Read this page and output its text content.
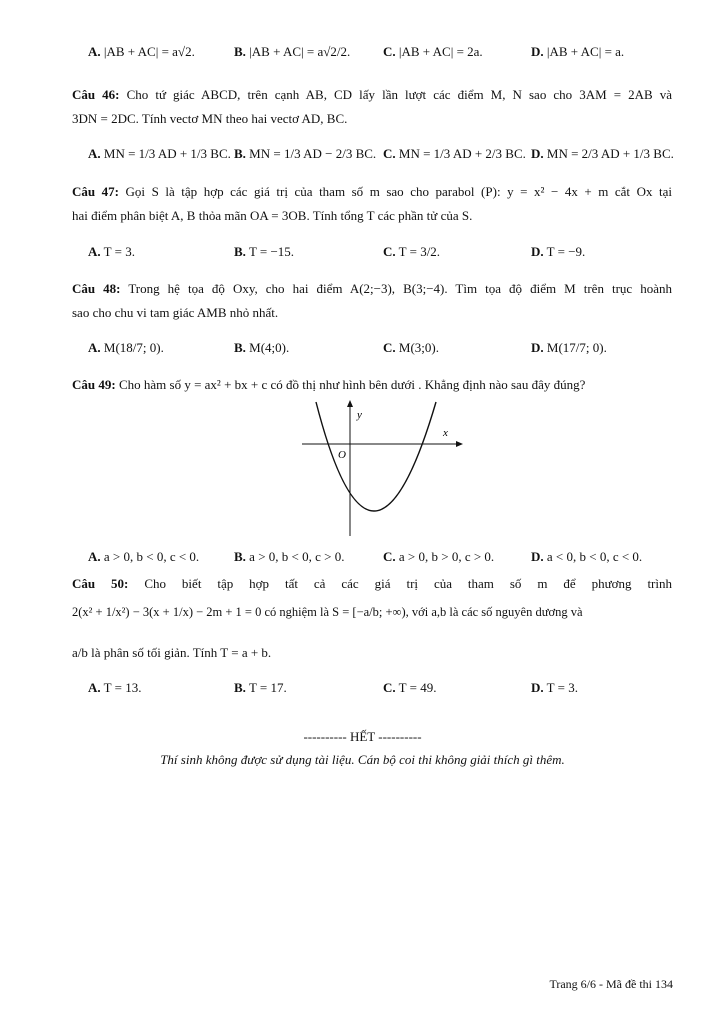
A. |AB + AC| = a√2.	B. |AB + AC| = a√2/2.	C. |AB + AC| = 2a.	D. |AB + AC| = a.
Câu 46: Cho tứ giác ABCD, trên cạnh AB, CD lấy lần lượt các điểm M, N sao cho 3AM = 2AB và
3DN = 2DC. Tính vectơ MN theo hai vectơ AD, BC.
A. MN = 1/3 AD + 1/3 BC. B. MN = 1/3 AD − 2/3 BC. C. MN = 1/3 AD + 2/3 BC. D. MN = 2/3 AD + 1/3 BC.
Câu 47: Gọi S là tập hợp các giá trị của tham số m sao cho parabol (P): y = x² − 4x + m cắt Ox tại
hai điểm phân biệt A, B thỏa mãn OA = 3OB. Tính tổng T các phần tử của S.
A. T = 3.	B. T = −15.	C. T = 3/2.	D. T = −9.
Câu 48: Trong hệ tọa độ Oxy, cho hai điểm A(2;−3), B(3;−4). Tìm tọa độ điểm M trên trục hoành
sao cho chu vi tam giác AMB nhỏ nhất.
A. M(18/7; 0).	B. M(4;0).	C. M(3;0).	D. M(17/7; 0).
Câu 49: Cho hàm số y = ax² + bx + c có đồ thị như hình bên dưới . Khẳng định nào sau đây đúng?
y
x
O
A. a > 0, b < 0, c < 0.	B. a > 0, b < 0, c > 0.	C. a > 0, b > 0, c > 0.	D. a < 0, b < 0, c < 0.
Câu 50: Cho biết tập hợp tất cả các giá trị của tham số m để phương trình
2(x² + 1/x²) − 3(x + 1/x) − 2m + 1 = 0 có nghiệm là S = [−a/b; +∞), với a,b là các số nguyên dương và
a/b là phân số tối giản. Tính T = a + b.
A. T = 13.	B. T = 17.	C. T = 49.	D. T = 3.
---------- HẾT ----------
Thí sinh không được sử dụng tài liệu. Cán bộ coi thi không giải thích gì thêm.
Trang 6/6 - Mã đề thi 134
